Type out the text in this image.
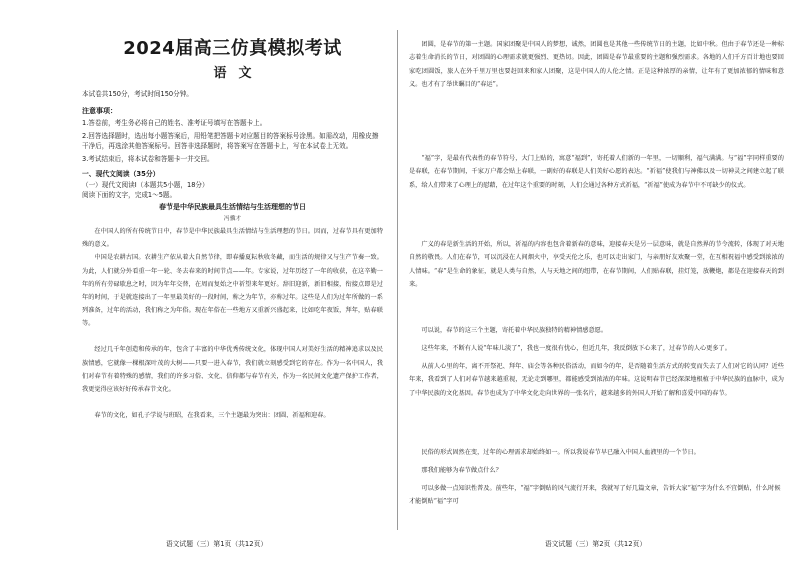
2024届高三仿真模拟考试
语文

本试卷共150分，考试时间150分钟。

注意事项：

1.答卷前，考生务必将自己的姓名、准考证号填写在答题卡上。

2.回答选择题时，选出每小题答案后，用铅笔把答题卡对应题目的答案标号涂黑。如需改动，用橡皮擦干净后，再选涂其他答案标号。回答非选择题时，将答案写在答题卡上，写在本试卷上无效。

3.考试结束后，将本试卷和答题卡一并交回。

一、现代文阅读（35分）

（一）现代文阅读Ⅰ（本题共5小题，18分）

阅读下面的文字，完成1～5题。

春节是中华民族最具生活情结与生活理想的节日

冯骥才

在中国人的所有传统节日中，春节是中华民族最具生活情结与生活理想的节日。因而，过春节具有更加特殊的意义。

中国是农耕古国。农耕生产依从着大自然节律，即春播夏耘秋收冬藏，而生活的规律又与生产节奏一致。为此，人们就分外看重一年一轮、冬去春来的时间节点——年。专家说，过年历经了一年的收获，在这辛勤一年的所有劳碌歇息之时，因为年年交替，在周而复始之中祈望来年更好。辞旧迎新，新旧相接，衔接点即是过年的时间，于是就连接出了一年里最美好的一段时间，称之为年节，亦称过年。这些是人们为过年所做的一系列准备，过年的活动，我们称之为年俗。现在年俗在一些地方又重新兴盛起来，比如吃年夜饭，拜年，贴春联等。

经过几千年创造和传承的年，包含了丰富的中华优秀传统文化，体现中国人对美好生活的精神追求以及民族情感，它就像一棵根深叶茂的大树——只要一进入春节，我们就立刻感受到它的存在。作为一名中国人，我们对春节有着特殊的感情，我们的许多习俗、文化、信仰都与春节有关，作为一名民间文化遗产保护工作者，我更觉得应该好好传承春节文化。

春节的文化，如孔子学说与班昭，在我看来，三个主题最为突出：团圆、祈福和迎春。

语文试题（三）第1页（共12页）

团圆，是春节的第一主题。国家团聚是中国人的梦想，诚然，团圆也是其他一些传统节日的主题，比如中秋。但由于春节还是一种标志着生命消长的节日，对团圆的心理需求就更强烈、更热切。因此，团圆是春节最重要的主题和强烈需求。各地的人们千方百计地也要回家吃团圆饭，旅人在外千里万里也要赶回来和家人团聚，这是中国人的人伦之情。正是这种浓厚的亲情，让年有了更加浓郁的情味和意义。也才有了举世瞩目的“春运”。

“福”字，是最有代表性的春节符号，大门上贴的，寓意“福到”，寄托着人们新的一年里，一切顺利，福气满满。与“福”字同样重要的是春联，在春节期间，千家万户都会贴上春联，一副好的春联是人们美好心愿的表达。“祈福”使我们与神佛以及一切神灵之间建立起了联系，给人们带来了心理上的慰藉，在过年这个重要的时刻，人们会通过各种方式祈福，“祈福”使成为春节中不可缺少的仪式。

广义的春是新生活的开始，所以，祈福的内容也包含着新春的意味，迎接春天是另一层意味，就是自然界的节令流转，体现了对天地自然的敬畏。人们在春节，可以沉浸在人间烟火中，享受天伦之乐，也可以走出家门，与亲朋好友欢聚一堂，在互相祝福中感受到浓浓的人情味。“春”是生命的象征，就是人类与自然，人与天地之间的纽带，在春节期间，人们贴春联，挂灯笼，放鞭炮，都是在迎接春天的到来。

可以说，春节的这三个主题，寄托着中华民族独特的精神情感意愿。

这些年来，不断有人说“年味儿淡了”，我也一度很有忧心，但近几年，我反倒放下心来了，过春节的人心更多了。

从前人心里的年，离不开祭祀、拜年、庙会等各种民俗活动，而如今的年，是否随着生活方式的转变而失去了人们对它的认同？近些年来，我看到了人们对春节越来越重视，无论走到哪里，都能感受到浓浓的年味。这说明春节已经深深地根植于中华民族的血脉中，成为了中华民族的文化基因。春节也成为了中华文化走向世界的一张名片，越来越多的外国人开始了解和喜爱中国的春节。

民俗的形式固然在变，过年的心理需求却始终如一。所以我说春节早已融入中国人血液里的一个节日。

那我们能够为春节做点什么？

可以多做一点知识性普及。前些年，“福”字倒贴的风气流行开来，我就写了好几篇文章，告诉大家“福”字为什么不宜倒贴，什么时候才能倒贴“福”字可

语文试题（三）第2页（共12页）
